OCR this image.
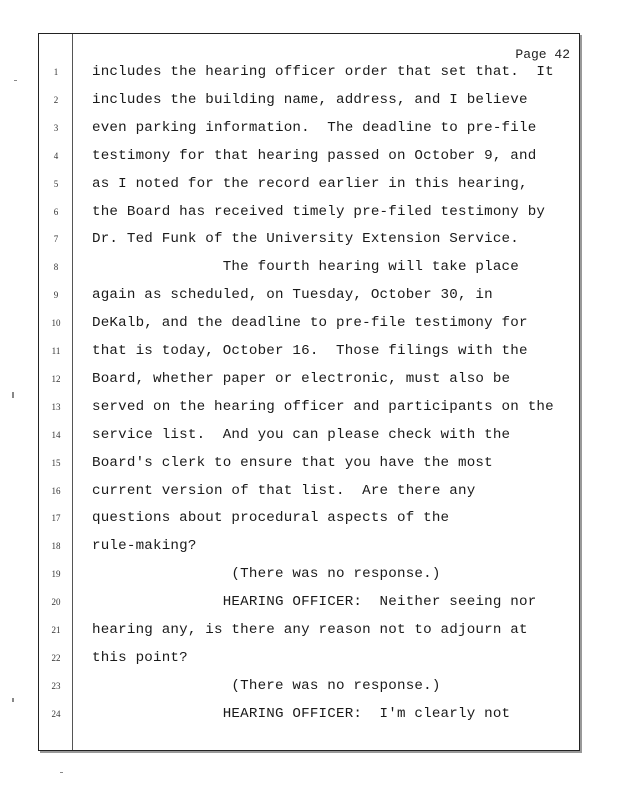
Page 42
1	includes the hearing officer order that set that.  It
2	includes the building name, address, and I believe
3	even parking information.  The deadline to pre-file
4	testimony for that hearing passed on October 9, and
5	as I noted for the record earlier in this hearing,
6	the Board has received timely pre-filed testimony by
7	Dr. Ted Funk of the University Extension Service.
8	The fourth hearing will take place
9	again as scheduled, on Tuesday, October 30, in
10	DeKalb, and the deadline to pre-file testimony for
11	that is today, October 16.  Those filings with the
12	Board, whether paper or electronic, must also be
13	served on the hearing officer and participants on the
14	service list.  And you can please check with the
15	Board's clerk to ensure that you have the most
16	current version of that list.  Are there any
17	questions about procedural aspects of the
18	rule-making?
19	(There was no response.)
20	HEARING OFFICER:  Neither seeing nor
21	hearing any, is there any reason not to adjourn at
22	this point?
23	(There was no response.)
24	HEARING OFFICER:  I'm clearly not
